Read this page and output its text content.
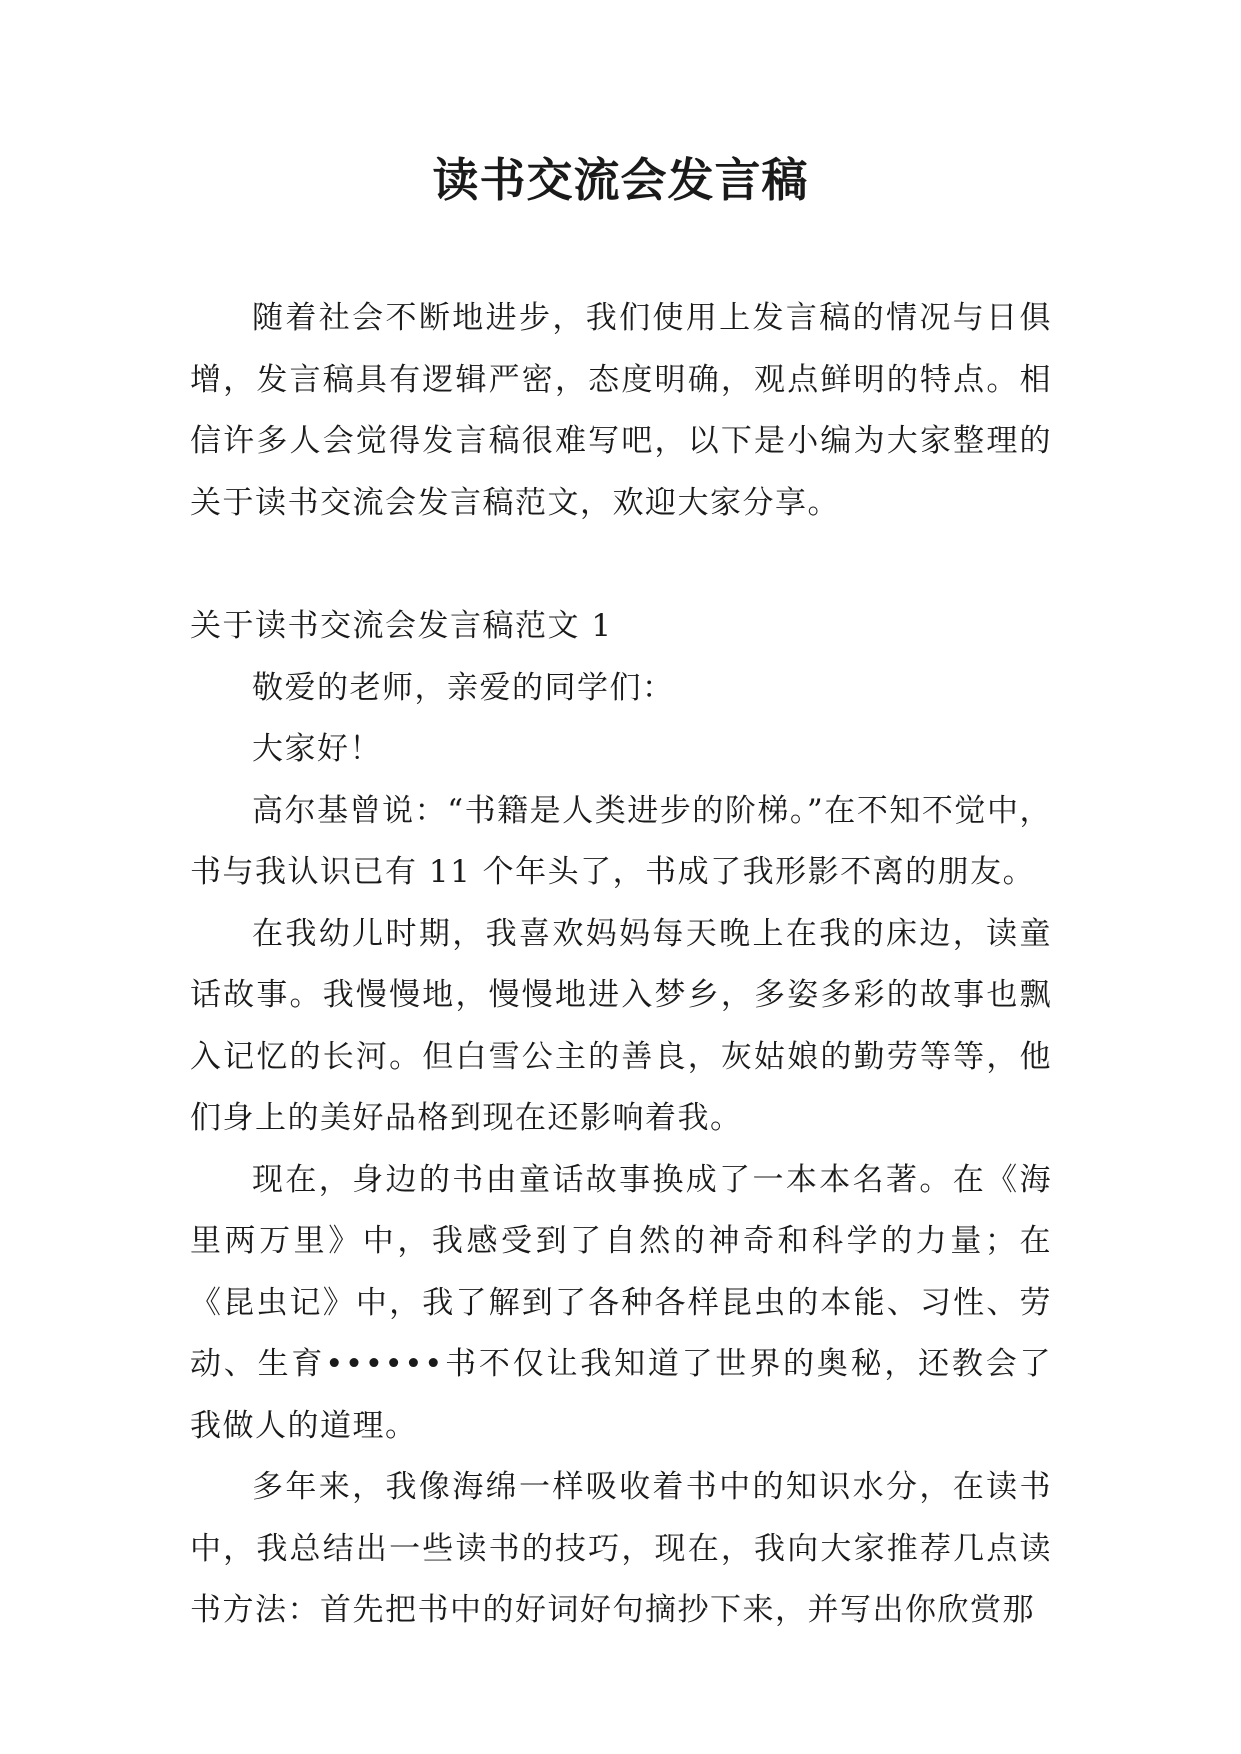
读书交流会发言稿

随着社会不断地进步，我们使用上发言稿的情况与日俱增，发言稿具有逻辑严密，态度明确，观点鲜明的特点。相信许多人会觉得发言稿很难写吧，以下是小编为大家整理的关于读书交流会发言稿范文，欢迎大家分享。

关于读书交流会发言稿范文 1

敬爱的老师，亲爱的同学们：

大家好！

高尔基曾说：“书籍是人类进步的阶梯。”在不知不觉中，书与我认识已有 11 个年头了，书成了我形影不离的朋友。

在我幼儿时期，我喜欢妈妈每天晚上在我的床边，读童话故事。我慢慢地，慢慢地进入梦乡，多姿多彩的故事也飘入记忆的长河。但白雪公主的善良，灰姑娘的勤劳等等，他们身上的美好品格到现在还影响着我。

现在，身边的书由童话故事换成了一本本名著。在《海里两万里》中，我感受到了自然的神奇和科学的力量；在《昆虫记》中，我了解到了各种各样昆虫的本能、习性、劳动、生育••••••书不仅让我知道了世界的奥秘，还教会了我做人的道理。

多年来，我像海绵一样吸收着书中的知识水分，在读书中，我总结出一些读书的技巧，现在，我向大家推荐几点读书方法：首先把书中的好词好句摘抄下来，并写出你欣赏那
